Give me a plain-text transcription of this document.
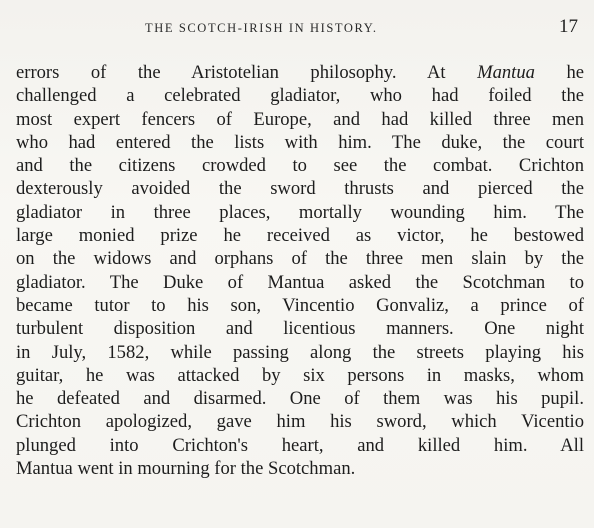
THE SCOTCH-IRISH IN HISTORY.	17
errors of the Aristotelian philosophy. At Mantua he
challenged a celebrated gladiator, who had foiled the
most expert fencers of Europe, and had killed three men
who had entered the lists with him. The duke, the court
and the citizens crowded to see the combat. Crichton
dexterously avoided the sword thrusts and pierced the
gladiator in three places, mortally wounding him. The
large monied prize he received as victor, he bestowed
on the widows and orphans of the three men slain by the
gladiator. The Duke of Mantua asked the Scotchman to
became tutor to his son, Vincentio Gonvaliz, a prince of
turbulent disposition and licentious manners. One night
in July, 1582, while passing along the streets playing his
guitar, he was attacked by six persons in masks, whom
he defeated and disarmed. One of them was his pupil.
Crichton apologized, gave him his sword, which Vicentio
plunged into Crichton's heart, and killed him. All
Mantua went in mourning for the Scotchman.
